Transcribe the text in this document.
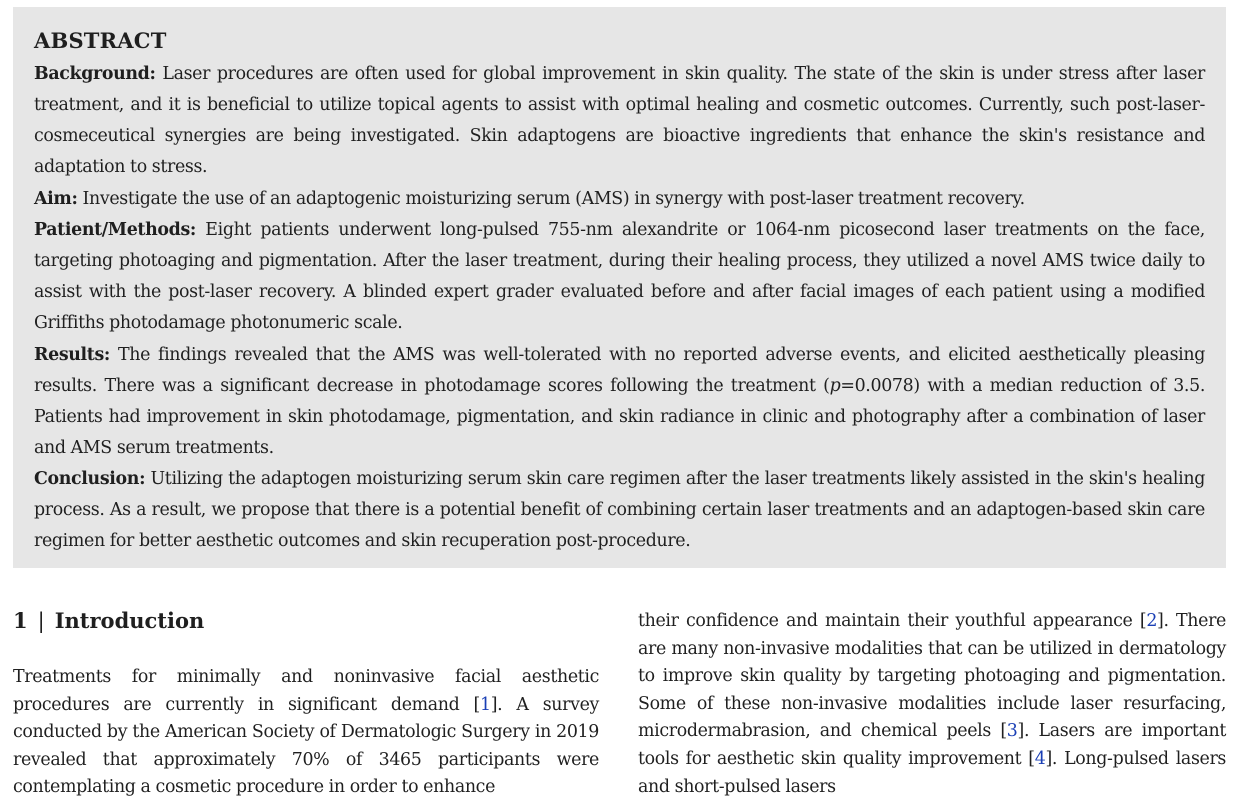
ABSTRACT

Background: Laser procedures are often used for global improvement in skin quality. The state of the skin is under stress after laser treatment, and it is beneficial to utilize topical agents to assist with optimal healing and cosmetic outcomes. Currently, such post-laser-cosmeceutical synergies are being investigated. Skin adaptogens are bioactive ingredients that enhance the skin's resistance and adaptation to stress.

Aim: Investigate the use of an adaptogenic moisturizing serum (AMS) in synergy with post-laser treatment recovery.

Patient/Methods: Eight patients underwent long-pulsed 755-nm alexandrite or 1064-nm picosecond laser treatments on the face, targeting photoaging and pigmentation. After the laser treatment, during their healing process, they utilized a novel AMS twice daily to assist with the post-laser recovery. A blinded expert grader evaluated before and after facial images of each patient using a modified Griffiths photodamage photonumeric scale.

Results: The findings revealed that the AMS was well-tolerated with no reported adverse events, and elicited aesthetically pleasing results. There was a significant decrease in photodamage scores following the treatment (p=0.0078) with a median reduction of 3.5. Patients had improvement in skin photodamage, pigmentation, and skin radiance in clinic and photography after a combination of laser and AMS serum treatments.

Conclusion: Utilizing the adaptogen moisturizing serum skin care regimen after the laser treatments likely assisted in the skin's healing process. As a result, we propose that there is a potential benefit of combining certain laser treatments and an adaptogen-based skin care regimen for better aesthetic outcomes and skin recuperation post-procedure.

1 | Introduction

Treatments for minimally and noninvasive facial aesthetic procedures are currently in significant demand [1]. A survey conducted by the American Society of Dermatologic Surgery in 2019 revealed that approximately 70% of 3465 participants were contemplating a cosmetic procedure in order to enhance

their confidence and maintain their youthful appearance [2]. There are many non-invasive modalities that can be utilized in dermatology to improve skin quality by targeting photoaging and pigmentation. Some of these non-invasive modalities include laser resurfacing, microdermabrasion, and chemical peels [3]. Lasers are important tools for aesthetic skin quality improvement [4]. Long-pulsed lasers and short-pulsed lasers
